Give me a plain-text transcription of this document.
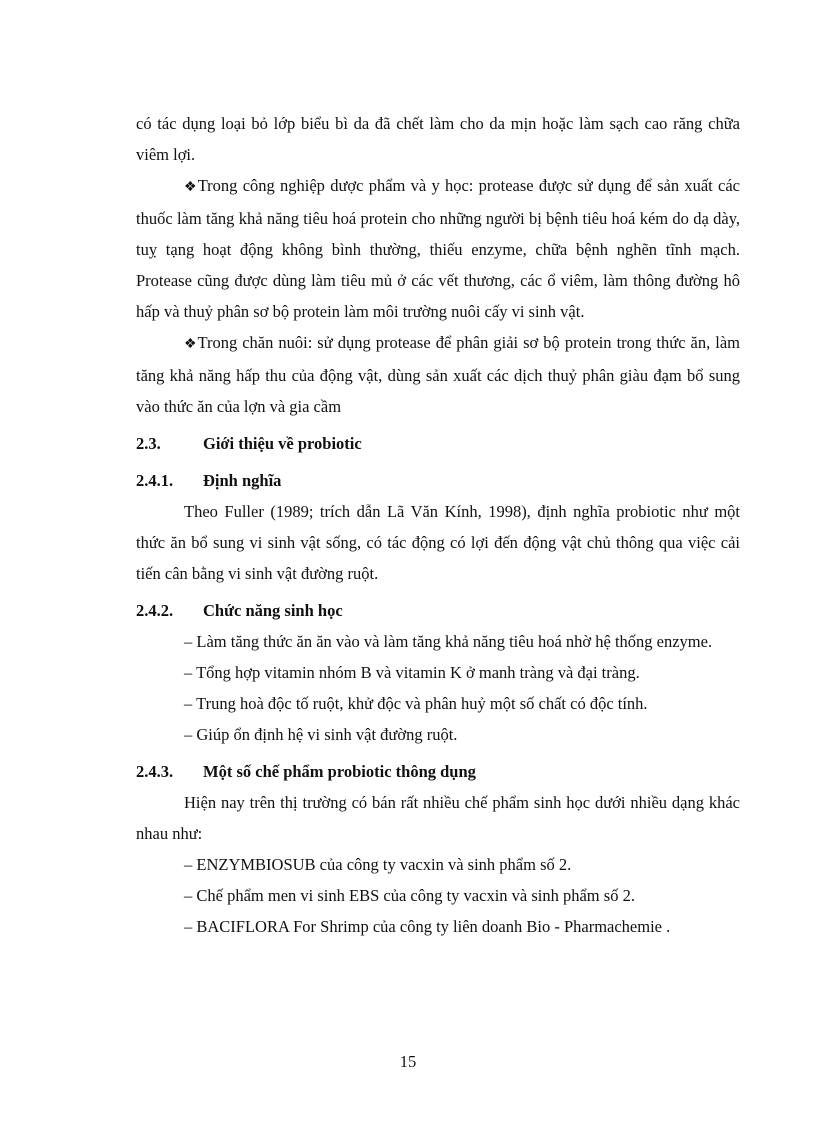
có tác dụng loại bỏ lớp biểu bì da đã chết làm cho da mịn hoặc làm sạch cao răng chữa viêm lợi.

❖Trong công nghiệp dược phẩm và y học: protease được sử dụng để sản xuất các thuốc làm tăng khả năng tiêu hoá protein cho những người bị bệnh tiêu hoá kém do dạ dày, tuỵ tạng hoạt động không bình thường, thiếu enzyme, chữa bệnh nghẽn tĩnh mạch. Protease cũng được dùng làm tiêu mủ ở các vết thương, các ổ viêm, làm thông đường hô hấp và thuỷ phân sơ bộ protein làm môi trường nuôi cấy vi sinh vật.

❖Trong chăn nuôi: sử dụng protease để phân giải sơ bộ protein trong thức ăn, làm tăng khả năng hấp thu của động vật, dùng sản xuất các dịch thuỷ phân giàu đạm bổ sung vào thức ăn của lợn và gia cầm

2.3.	Giới thiệu về probiotic
2.4.1.	Định nghĩa

Theo Fuller (1989; trích dẫn Lã Văn Kính, 1998), định nghĩa probiotic như một thức ăn bổ sung vi sinh vật sống, có tác động có lợi đến động vật chủ thông qua việc cải tiến cân bằng vi sinh vật đường ruột.

2.4.2.	Chức năng sinh học

– Làm tăng thức ăn ăn vào và làm tăng khả năng tiêu hoá nhờ hệ thống enzyme.

– Tổng hợp vitamin nhóm B và vitamin K ở manh tràng và đại tràng.

– Trung hoà độc tố ruột, khử độc và phân huỷ một số chất có độc tính.

– Giúp ổn định hệ vi sinh vật đường ruột.

2.4.3.	Một số chế phẩm probiotic thông dụng

Hiện nay trên thị trường có bán rất nhiều chế phẩm sinh học dưới nhiều dạng khác nhau như:

– ENZYMBIOSUB của công ty vacxin và sinh phẩm số 2.

– Chế phẩm men vi sinh EBS của công ty vacxin và sinh phẩm số 2.

– BACIFLORA For Shrimp của công ty liên doanh Bio - Pharmachemie .

15
